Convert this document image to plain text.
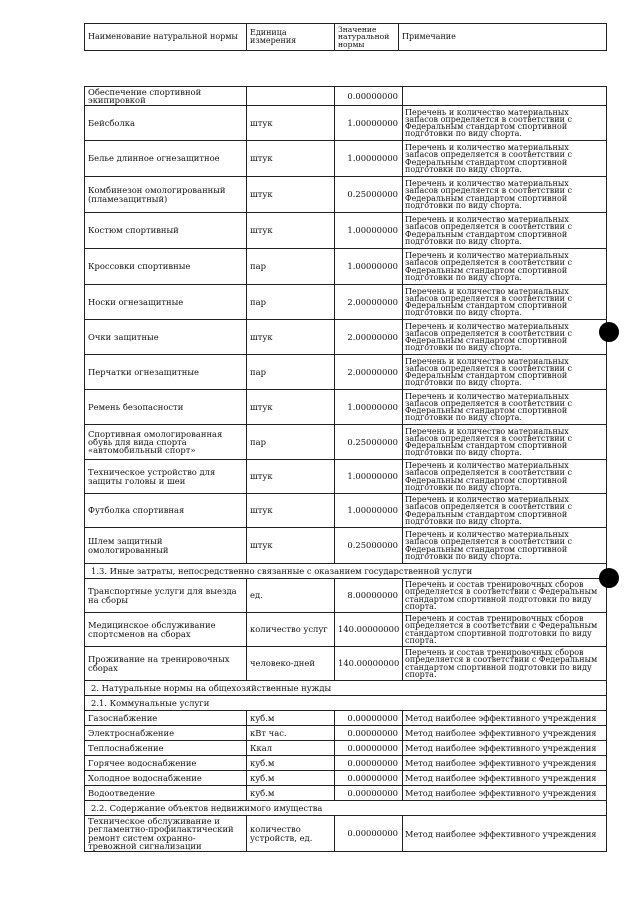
Наименование натуральной нормы	Единица измерения	Значение натуральной нормы	Примечание
Обеспечение спортивной экипировкой		0.00000000	
Бейсболка	штук	1.00000000	Перечень и количество материальных запасов определяется в соответствии с Федеральным стандартом спортивной подготовки по виду спорта.
Белье длинное огнезащитное	штук	1.00000000	Перечень и количество материальных запасов определяется в соответствии с Федеральным стандартом спортивной подготовки по виду спорта.
Комбинезон омологированный (пламезащитный)	штук	0.25000000	Перечень и количество материальных запасов определяется в соответствии с Федеральным стандартом спортивной подготовки по виду спорта.
Костюм спортивный	штук	1.00000000	Перечень и количество материальных запасов определяется в соответствии с Федеральным стандартом спортивной подготовки по виду спорта.
Кроссовки спортивные	пар	1.00000000	Перечень и количество материальных запасов определяется в соответствии с Федеральным стандартом спортивной подготовки по виду спорта.
Носки огнезащитные	пар	2.00000000	Перечень и количество материальных запасов определяется в соответствии с Федеральным стандартом спортивной подготовки по виду спорта.
Очки защитные	штук	2.00000000	Перечень и количество материальных запасов определяется в соответствии с Федеральным стандартом спортивной подготовки по виду спорта.
Перчатки огнезащитные	пар	2.00000000	Перечень и количество материальных запасов определяется в соответствии с Федеральным стандартом спортивной подготовки по виду спорта.
Ремень безопасности	штук	1.00000000	Перечень и количество материальных запасов определяется в соответствии с Федеральным стандартом спортивной подготовки по виду спорта.
Спортивная омологированная обувь для вида спорта «автомобильный спорт»	пар	0.25000000	Перечень и количество материальных запасов определяется в соответствии с Федеральным стандартом спортивной подготовки по виду спорта.
Техническое устройство для защиты головы и шеи	штук	1.00000000	Перечень и количество материальных запасов определяется в соответствии с Федеральным стандартом спортивной подготовки по виду спорта.
Футболка спортивная	штук	1.00000000	Перечень и количество материальных запасов определяется в соответствии с Федеральным стандартом спортивной подготовки по виду спорта.
Шлем защитный омологированный	штук	0.25000000	Перечень и количество материальных запасов определяется в соответствии с Федеральным стандартом спортивной подготовки по виду спорта.
1.3. Иные затраты, непосредственно связанные с оказанием государственной услуги			
Транспортные услуги для выезда на сборы	ед.	8.00000000	Перечень и состав тренировочных сборов определяется в соответствии с Федеральным стандартом спортивной подготовки по виду спорта.
Медицинское обслуживание спортсменов на сборах	количество услуг	140.00000000	Перечень и состав тренировочных сборов определяется в соответствии с Федеральным стандартом спортивной подготовки по виду спорта.
Проживание на тренировочных сборах	человеко-дней	140.00000000	Перечень и состав тренировочных сборов определяется в соответствии с Федеральным стандартом спортивной подготовки по виду спорта.
2. Натуральные нормы на общехозяйственные нужды			
2.1. Коммунальные услуги			
Газоснабжение	куб.м	0.00000000	Метод наиболее эффективного учреждения
Электроснабжение	кВт час.	0.00000000	Метод наиболее эффективного учреждения
Теплоснабжение	Ккал	0.00000000	Метод наиболее эффективного учреждения
Горячее водоснабжение	куб.м	0.00000000	Метод наиболее эффективного учреждения
Холодное водоснабжение	куб.м	0.00000000	Метод наиболее эффективного учреждения
Водоотведение	куб.м	0.00000000	Метод наиболее эффективного учреждения
2.2. Содержание объектов недвижимого имущества			
Техническое обслуживание и регламентно-профилактический ремонт систем охранно-тревожной сигнализации	количество устройств, ед.	0.00000000	Метод наиболее эффективного учреждения
